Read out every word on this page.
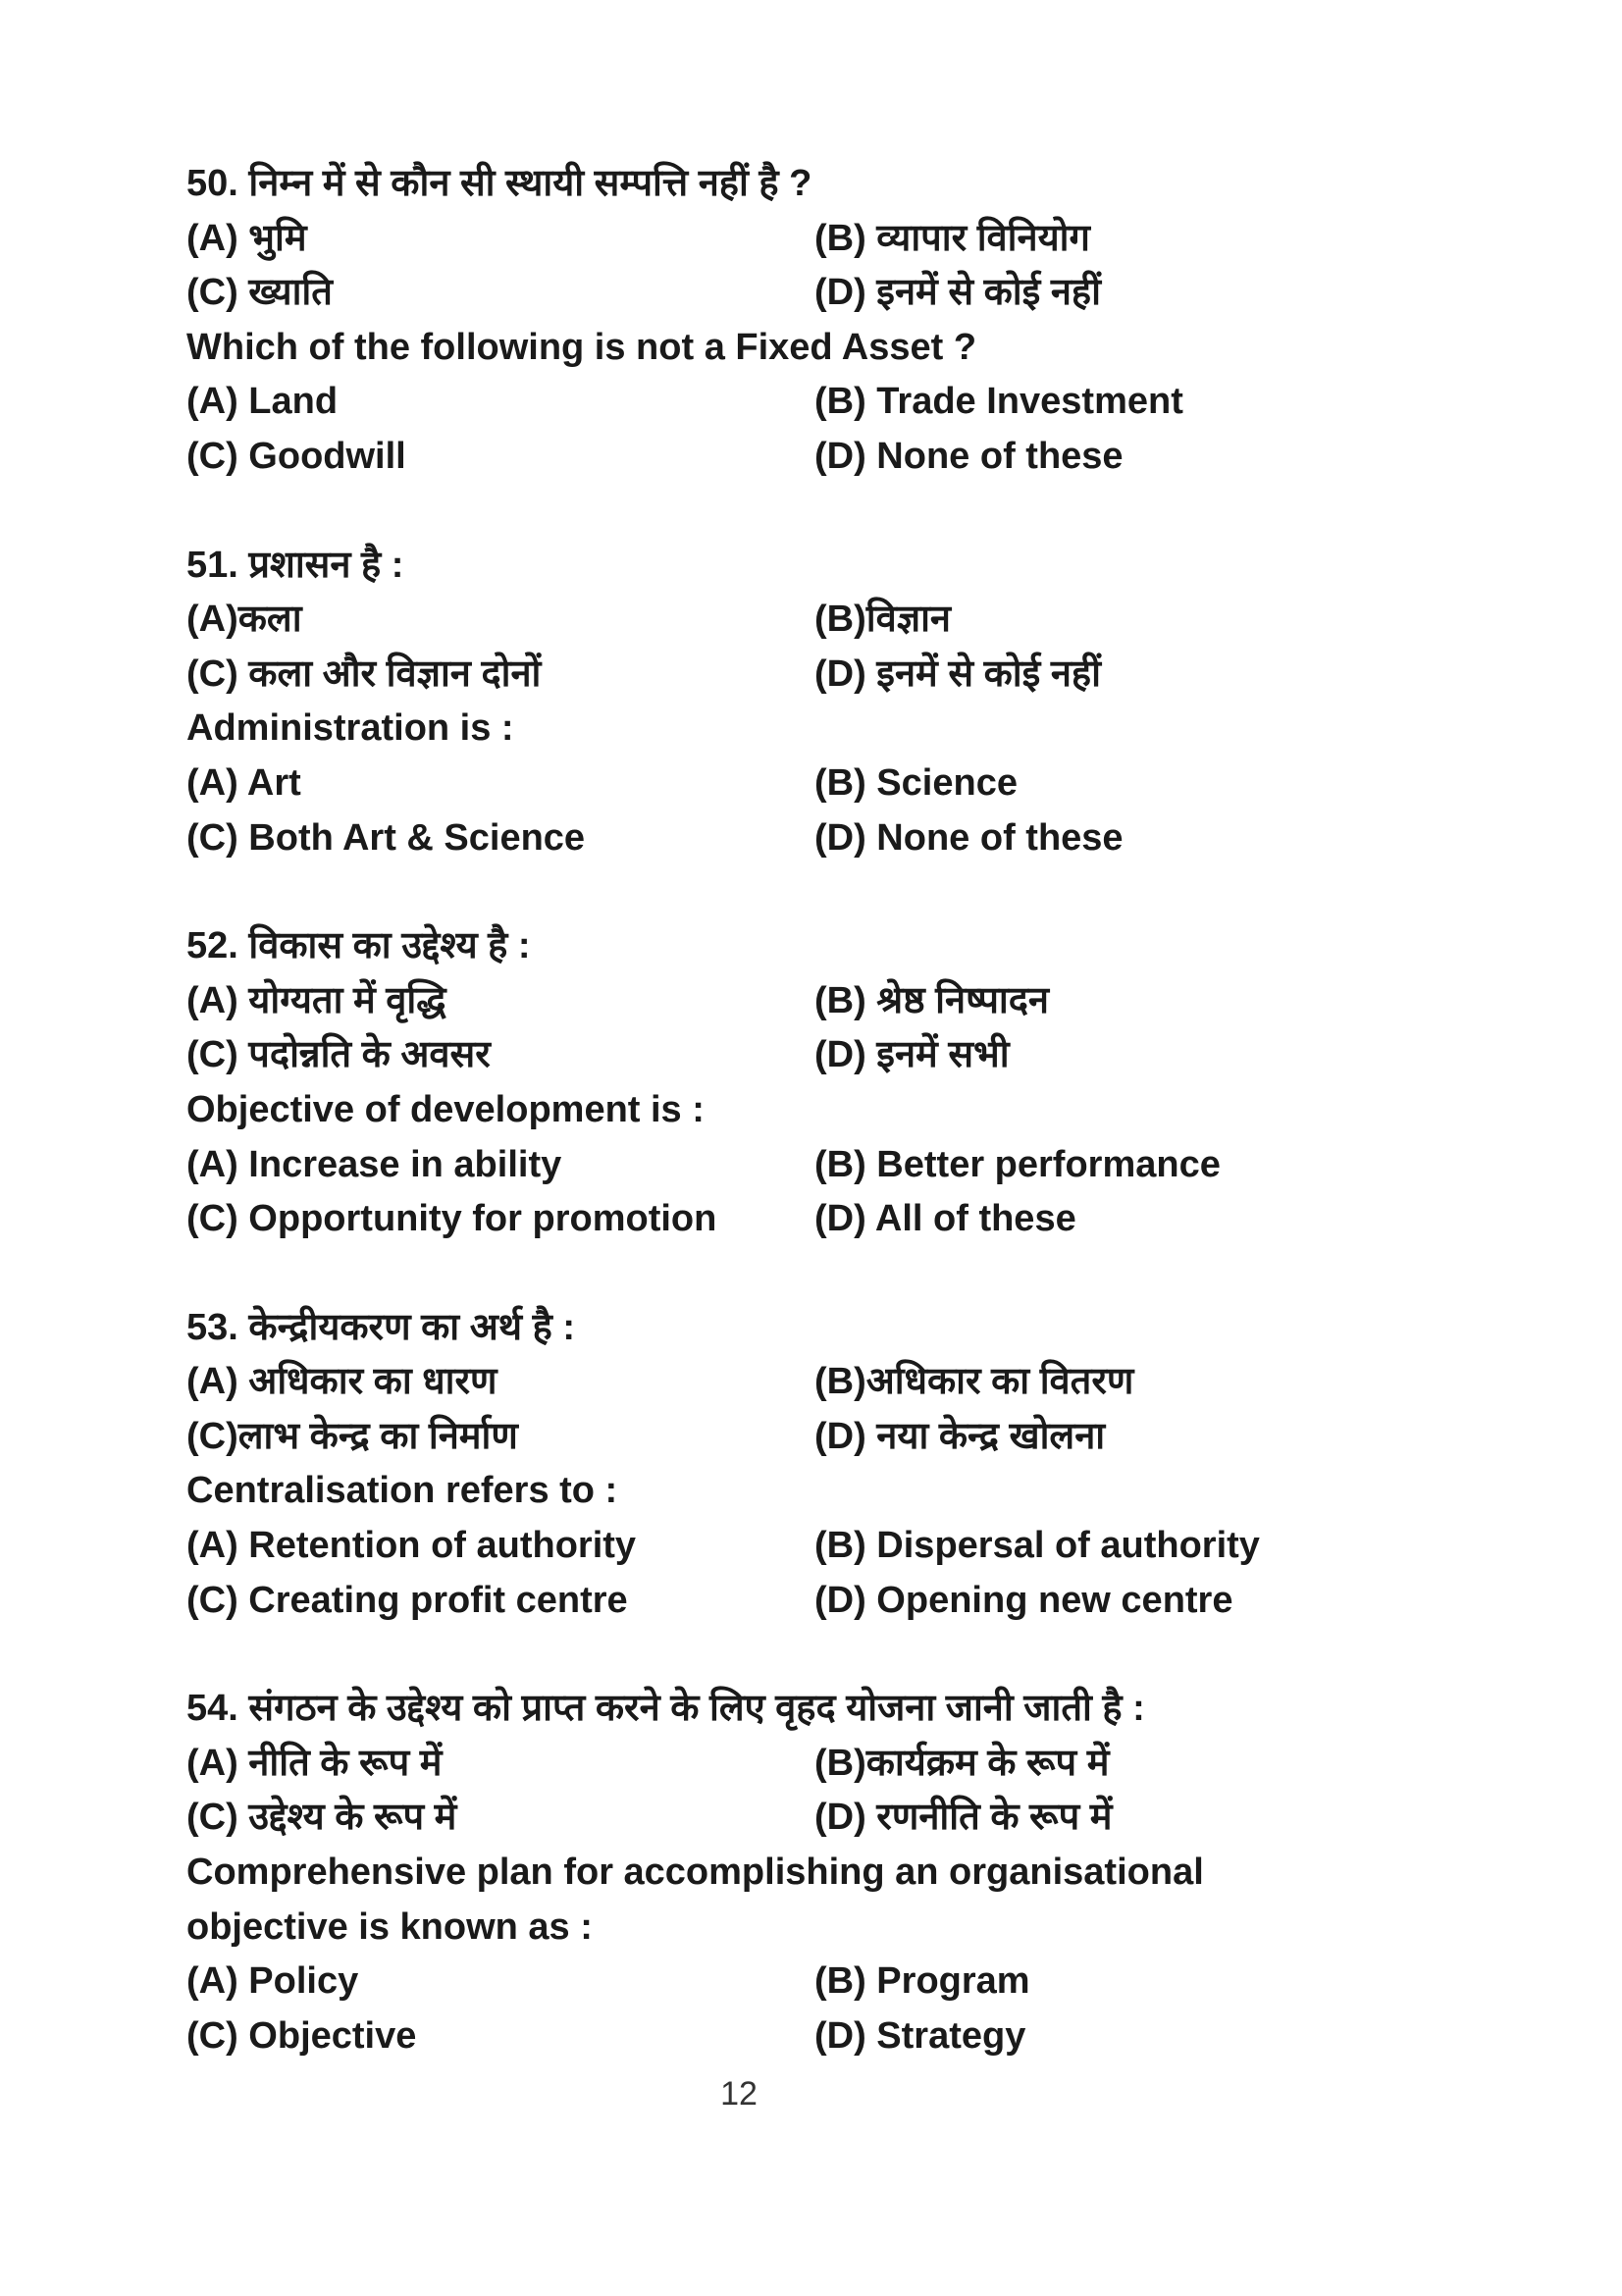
50. निम्न में से कौन सी स्थायी सम्पत्ति नहीं है ?
(A) भुमि	(B) व्यापार विनियोग
(C) ख्याति	(D) इनमें से कोई नहीं
Which of the following is not a Fixed Asset ?
(A) Land	(B) Trade Investment
(C) Goodwill	(D) None of these
51. प्रशासन है :
(A)कला	(B)विज्ञान
(C) कला और विज्ञान दोनों	(D) इनमें से कोई नहीं
Administration is :
(A) Art	(B) Science
(C) Both Art & Science	(D) None of these
52. विकास का उद्देश्य है :
(A) योग्यता में वृद्धि	(B) श्रेष्ठ निष्पादन
(C) पदोन्नति के अवसर	(D) इनमें सभी
Objective of development is :
(A) Increase in ability	(B) Better performance
(C) Opportunity for promotion	(D) All of these
53. केन्द्रीयकरण का अर्थ है :
(A) अधिकार का धारण	(B)अधिकार का वितरण
(C)लाभ केन्द्र का निर्माण	(D) नया केन्द्र खोलना
Centralisation refers to :
(A) Retention of authority	(B) Dispersal of authority
(C) Creating profit centre	(D) Opening new centre
54. संगठन के उद्देश्य को प्राप्त करने के लिए वृहद योजना जानी जाती है :
(A) नीति के रूप में	(B)कार्यक्रम के रूप में
(C) उद्देश्य के रूप में	(D) रणनीति के रूप में
Comprehensive plan for accomplishing an organisational
objective is known as :
(A) Policy	(B) Program
(C) Objective	(D) Strategy
12
